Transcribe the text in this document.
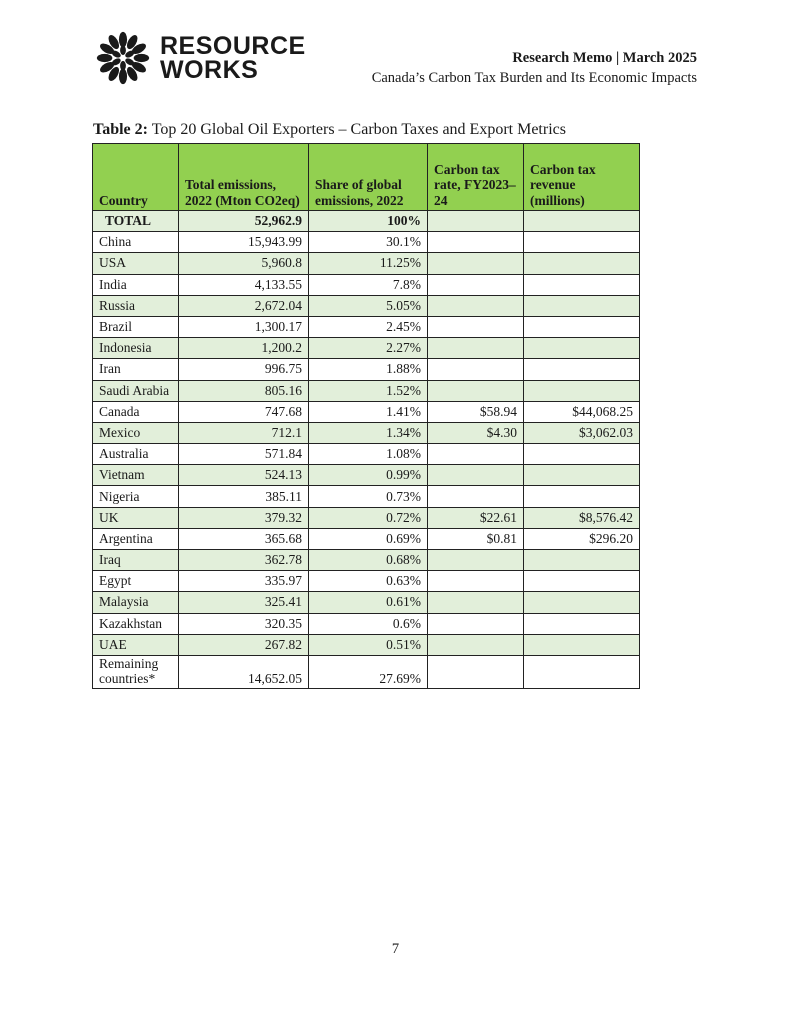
RESOURCE
WORKS	Research Memo | March 2025
Canada’s Carbon Tax Burden and Its Economic Impacts
Table 2: Top 20 Global Oil Exporters – Carbon Taxes and Export Metrics
Country	Total emissions, 2022 (Mton CO2eq)	Share of global emissions, 2022	Carbon tax rate, FY2023–24	Carbon tax revenue (millions)
TOTAL	52,962.9	100%		
China	15,943.99	30.1%		
USA	5,960.8	11.25%		
India	4,133.55	7.8%		
Russia	2,672.04	5.05%		
Brazil	1,300.17	2.45%		
Indonesia	1,200.2	2.27%		
Iran	996.75	1.88%		
Saudi Arabia	805.16	1.52%		
Canada	747.68	1.41%	$58.94	$44,068.25
Mexico	712.1	1.34%	$4.30	$3,062.03
Australia	571.84	1.08%		
Vietnam	524.13	0.99%		
Nigeria	385.11	0.73%		
UK	379.32	0.72%	$22.61	$8,576.42
Argentina	365.68	0.69%	$0.81	$296.20
Iraq	362.78	0.68%		
Egypt	335.97	0.63%		
Malaysia	325.41	0.61%		
Kazakhstan	320.35	0.6%		
UAE	267.82	0.51%		
Remaining countries*	14,652.05	27.69%		
7
